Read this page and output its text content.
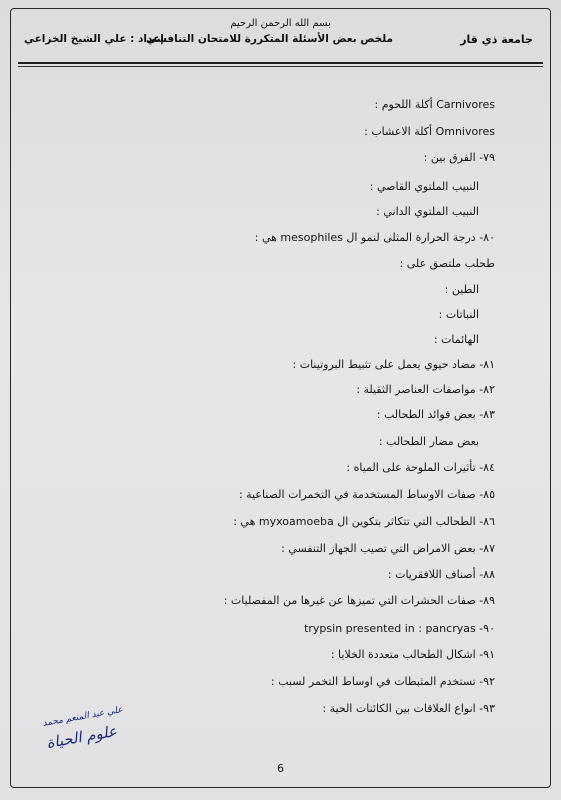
بسم الله الرحمن الرحيم
جامعة ذي قار
ملخص بعض الأسئلة المتكررة للامتحان التنافسي
إعداد : علي الشيخ الخزاعي
Carnivores أكلة اللحوم :
Omnivores أكلة الاعشاب :
٧٩- الفرق بين :
النبيب الملتوي القاصي :
النبيب الملتوي الداني :
٨٠- درجة الحرارة المثلى لنمو ال mesophiles هي :
طحلب ملتصق على :
الطين :
النباتات :
الهائمات :
٨١- مضاد حيوي يعمل على تثبيط البروتينات :
٨٢- مواصفات العناصر الثقيلة :
٨٣- بعض فوائد الطحالب :
بعض مضار الطحالب :
٨٤- تأثيرات الملوحة على المياه :
٨٥- صفات الاوساط المستخدمة في التخمرات الصناعية :
٨٦- الطحالب التي تتكاثر بتكوين ال myxoamoeba هي :
٨٧- بعض الامراض التي تصيب الجهاز التنفسي :
٨٨- أصناف اللافقريات :
٨٩- صفات الحشرات التي تميزها عن غيرها من المفصليات :
٩٠- trypsin presented in : pancryas
٩١- اشكال الطحالب متعددة الخلايا :
٩٢- تستخدم المثبطات في اوساط التخمر لسبب :
٩٣- انواع العلاقات بين الكائنات الحية :
علي عبد المنعم محمد
علوم الحياة
6
